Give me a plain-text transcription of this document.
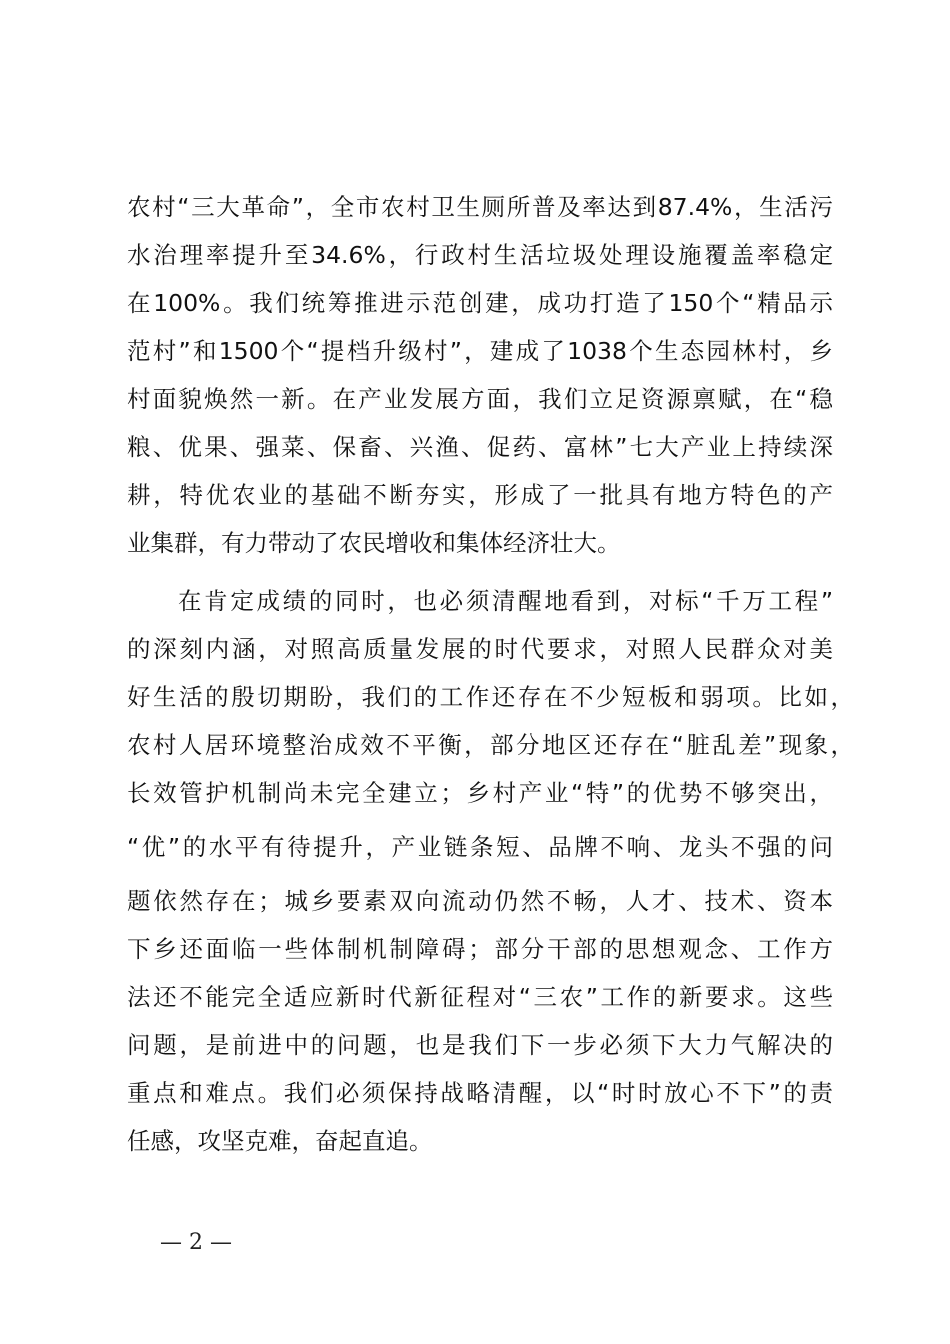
农村“三大革命”，全市农村卫生厕所普及率达到87.4%，生活污
水治理率提升至34.6%，行政村生活垃圾处理设施覆盖率稳定
在100%。我们统筹推进示范创建，成功打造了150个“精品示
范村”和1500个“提档升级村”，建成了1038个生态园林村，乡
村面貌焕然一新。在产业发展方面，我们立足资源禀赋，在“稳
粮、优果、强菜、保畜、兴渔、促药、富林”七大产业上持续深
耕，特优农业的基础不断夯实，形成了一批具有地方特色的产
业集群，有力带动了农民增收和集体经济壮大。
在肯定成绩的同时，也必须清醒地看到，对标“千万工程”
的深刻内涵，对照高质量发展的时代要求，对照人民群众对美
好生活的殷切期盼，我们的工作还存在不少短板和弱项。比如，
农村人居环境整治成效不平衡，部分地区还存在“脏乱差”现象，
长效管护机制尚未完全建立；乡村产业“特”的优势不够突出，
“优”的水平有待提升，产业链条短、品牌不响、龙头不强的问
题依然存在；城乡要素双向流动仍然不畅，人才、技术、资本
下乡还面临一些体制机制障碍；部分干部的思想观念、工作方
法还不能完全适应新时代新征程对“三农”工作的新要求。这些
问题，是前进中的问题，也是我们下一步必须下大力气解决的
重点和难点。我们必须保持战略清醒，以“时时放心不下”的责
任感，攻坚克难，奋起直追。
— 2 —
